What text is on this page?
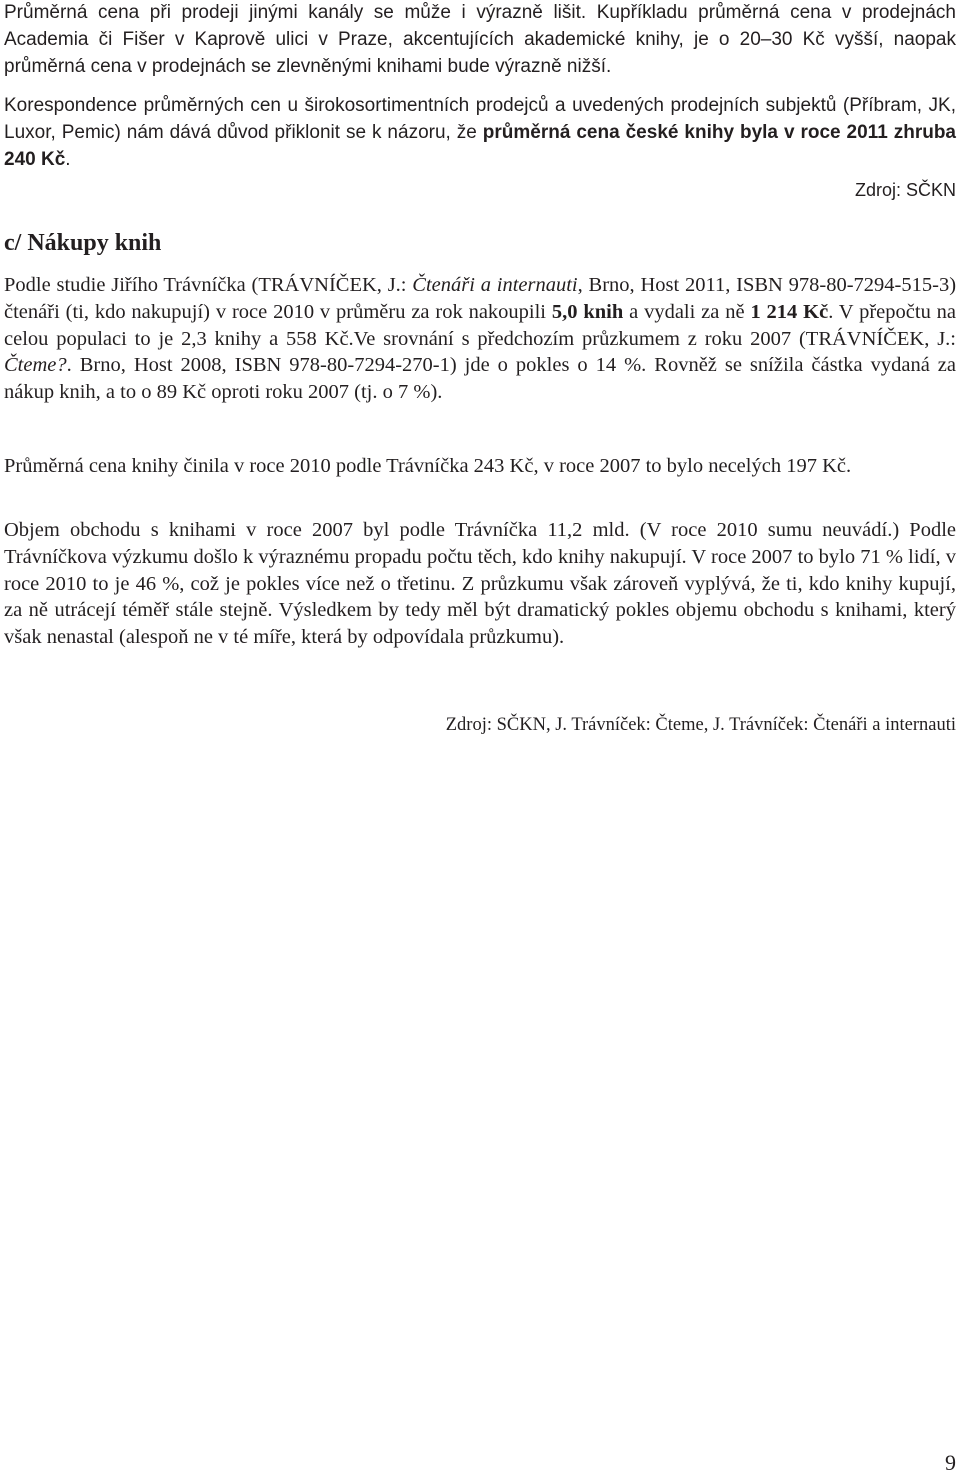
Průměrná cena při prodeji jinými kanály se může i výrazně lišit. Kupříkladu průměrná cena v prodejnách Academia či Fišer v Kaprově ulici v Praze, akcentujících akademické knihy, je o 20–30 Kč vyšší, naopak průměrná cena v prodejnách se zlevněnými knihami bude výrazně nižší.

Korespondence průměrných cen u širokosortimentních prodejců a uvedených prodejních subjektů (Příbram, JK, Luxor, Pemic) nám dává důvod přiklonit se k názoru, že průměrná cena české knihy byla v roce 2011 zhruba 240 Kč.

Zdroj: SČKN

c/ Nákupy knih

Podle studie Jiřího Trávníčka (TRÁVNÍČEK, J.: Čtenáři a internauti, Brno, Host 2011, ISBN 978-80-7294-515-3) čtenáři (ti, kdo nakupují) v roce 2010 v průměru za rok nakoupili 5,0 knih a vydali za ně 1 214 Kč. V přepočtu na celou populaci to je 2,3 knihy a 558 Kč.Ve srovnání s předchozím průzkumem z roku 2007 (TRÁVNÍČEK, J.: Čteme?. Brno, Host 2008, ISBN 978-80-7294-270-1) jde o pokles o 14 %. Rovněž se snížila částka vydaná za nákup knih, a to o 89 Kč oproti roku 2007 (tj. o 7 %).

Průměrná cena knihy činila v roce 2010 podle Trávníčka 243 Kč, v roce 2007 to bylo necelých 197 Kč.

Objem obchodu s knihami v roce 2007 byl podle Trávníčka 11,2 mld. (V roce 2010 sumu neuvádí.) Podle Trávníčkova výzkumu došlo k výraznému propadu počtu těch, kdo knihy nakupují. V roce 2007 to bylo 71 % lidí, v roce 2010 to je 46 %, což je pokles více než o třetinu. Z průzkumu však zároveň vyplývá, že ti, kdo knihy kupují, za ně utrácejí téměř stále stejně. Výsledkem by tedy měl být dramatický pokles objemu obchodu s knihami, který však nenastal (alespoň ne v té míře, která by odpovídala průzkumu).

Zdroj: SČKN, J. Trávníček: Čteme, J. Trávníček: Čtenáři a internauti

9
